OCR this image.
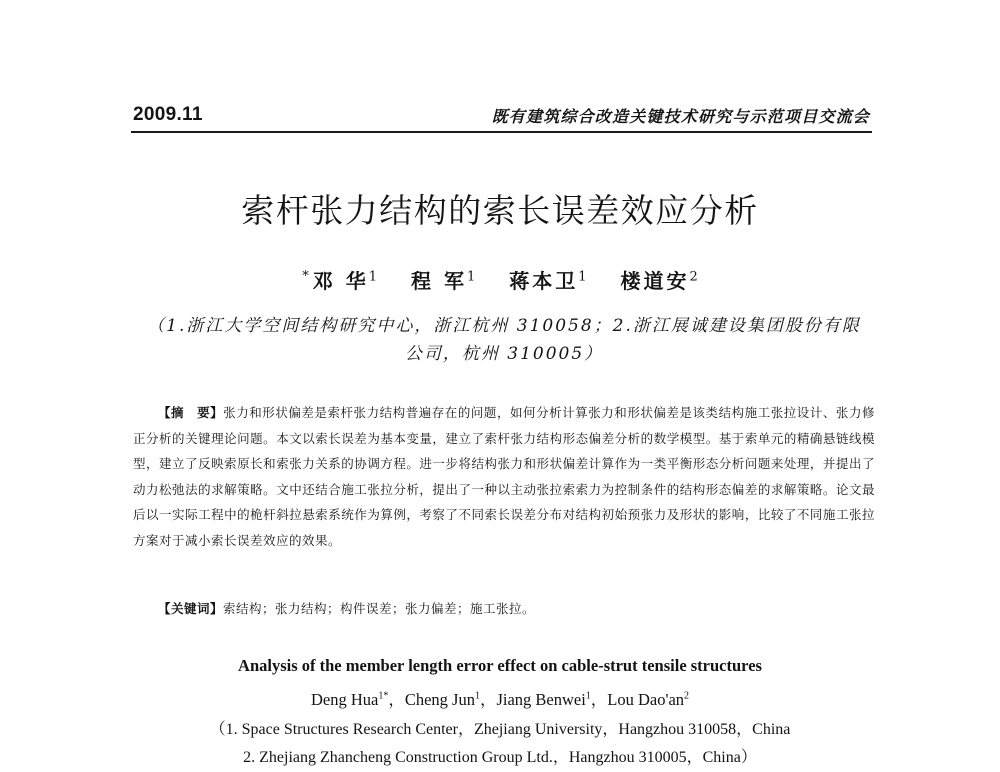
2009.11	既有建筑综合改造关键技术研究与示范项目交流会
索杆张力结构的索长误差效应分析
*邓 华$^1$ 程 军$^1$ 蒋本卫$^1$ 楼道安$^2$
（1.浙江大学空间结构研究中心，浙江杭州 310058；2.浙江展诚建设集团股份有限
公司，杭州 310005）

【摘　要】张力和形状偏差是索杆张力结构普遍存在的问题，如何分析计算张力和形状偏差是该类结构施工张拉设计、张力修正分析的关键理论问题。本文以索长误差为基本变量，建立了索杆张力结构形态偏差分析的数学模型。基于索单元的精确悬链线模型，建立了反映索原长和索张力关系的协调方程。进一步将结构张力和形状偏差计算作为一类平衡形态分析问题来处理，并提出了动力松弛法的求解策略。文中还结合施工张拉分析，提出了一种以主动张拉索索力为控制条件的结构形态偏差的求解策略。论文最后以一实际工程中的桅杆斜拉悬索系统作为算例，考察了不同索长误差分布对结构初始预张力及形状的影响，比较了不同施工张拉方案对于减小索长误差效应的效果。

【关键词】索结构；张力结构；构件误差；张力偏差；施工张拉。
Analysis of the member length error effect on cable-strut tensile structures
Deng Hua$^{1*}$，Cheng Jun$^1$，Jiang Benwei$^1$，Lou $Dao'an^2$
（1. Space Structures Research Center，Zhejiang University，Hangzhou 310058，China
2. Zhejiang Zhancheng Construction Group Ltd.，Hangzhou 310005，China）
